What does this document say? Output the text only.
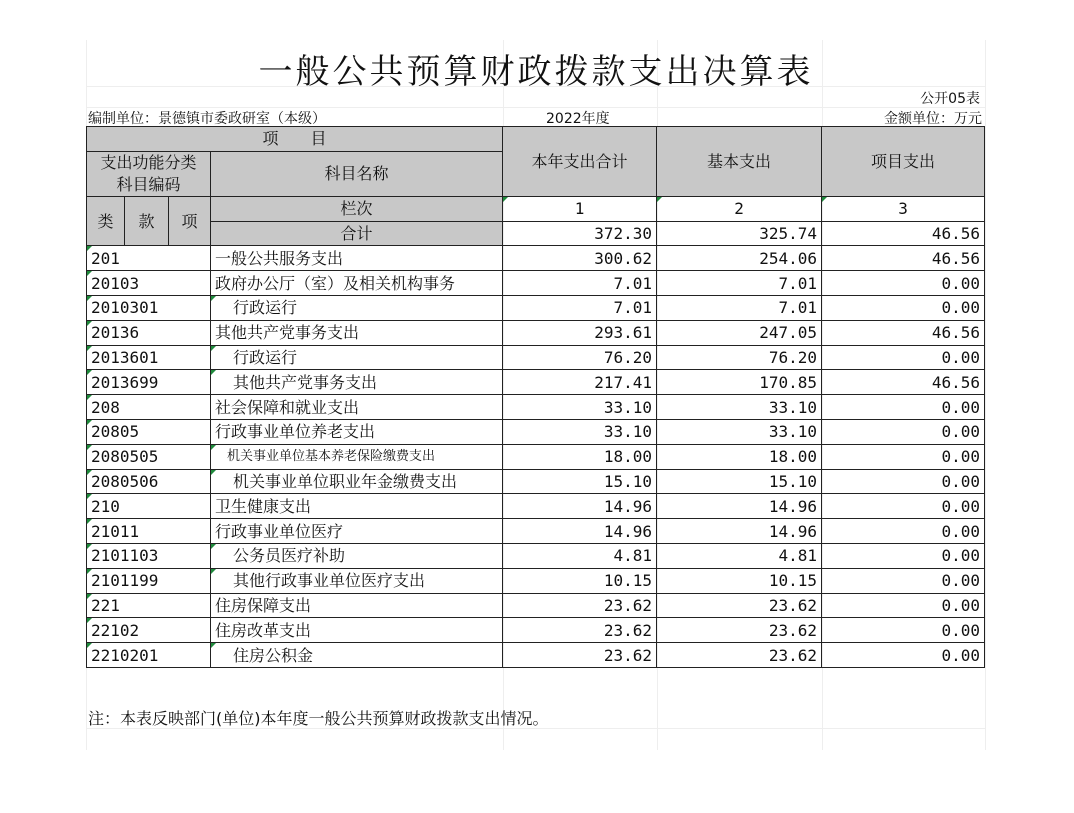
一般公共预算财政拨款支出决算表
公开05表
编制单位：景德镇市委政研室（本级）	2022年度	金额单位：万元
项　　目				本年支出合计	基本支出	项目支出
支出功能分类科目编码			科目名称			

类	款	项	栏次	1	2	3
			合计	372.30	325.74	46.56
201			一般公共服务支出	300.62	254.06	46.56
20103			政府办公厅（室）及相关机构事务	7.01	7.01	0.00
2010301			行政运行	7.01	7.01	0.00
20136			其他共产党事务支出	293.61	247.05	46.56
2013601			行政运行	76.20	76.20	0.00
2013699			其他共产党事务支出	217.41	170.85	46.56
208			社会保障和就业支出	33.10	33.10	0.00
20805			行政事业单位养老支出	33.10	33.10	0.00
2080505			机关事业单位基本养老保险缴费支出	18.00	18.00	0.00
2080506			机关事业单位职业年金缴费支出	15.10	15.10	0.00
210			卫生健康支出	14.96	14.96	0.00
21011			行政事业单位医疗	14.96	14.96	0.00
2101103			公务员医疗补助	4.81	4.81	0.00
2101199			其他行政事业单位医疗支出	10.15	10.15	0.00
221			住房保障支出	23.62	23.62	0.00
22102			住房改革支出	23.62	23.62	0.00
2210201			住房公积金	23.62	23.62	0.00
注：本表反映部门(单位)本年度一般公共预算财政拨款支出情况。
